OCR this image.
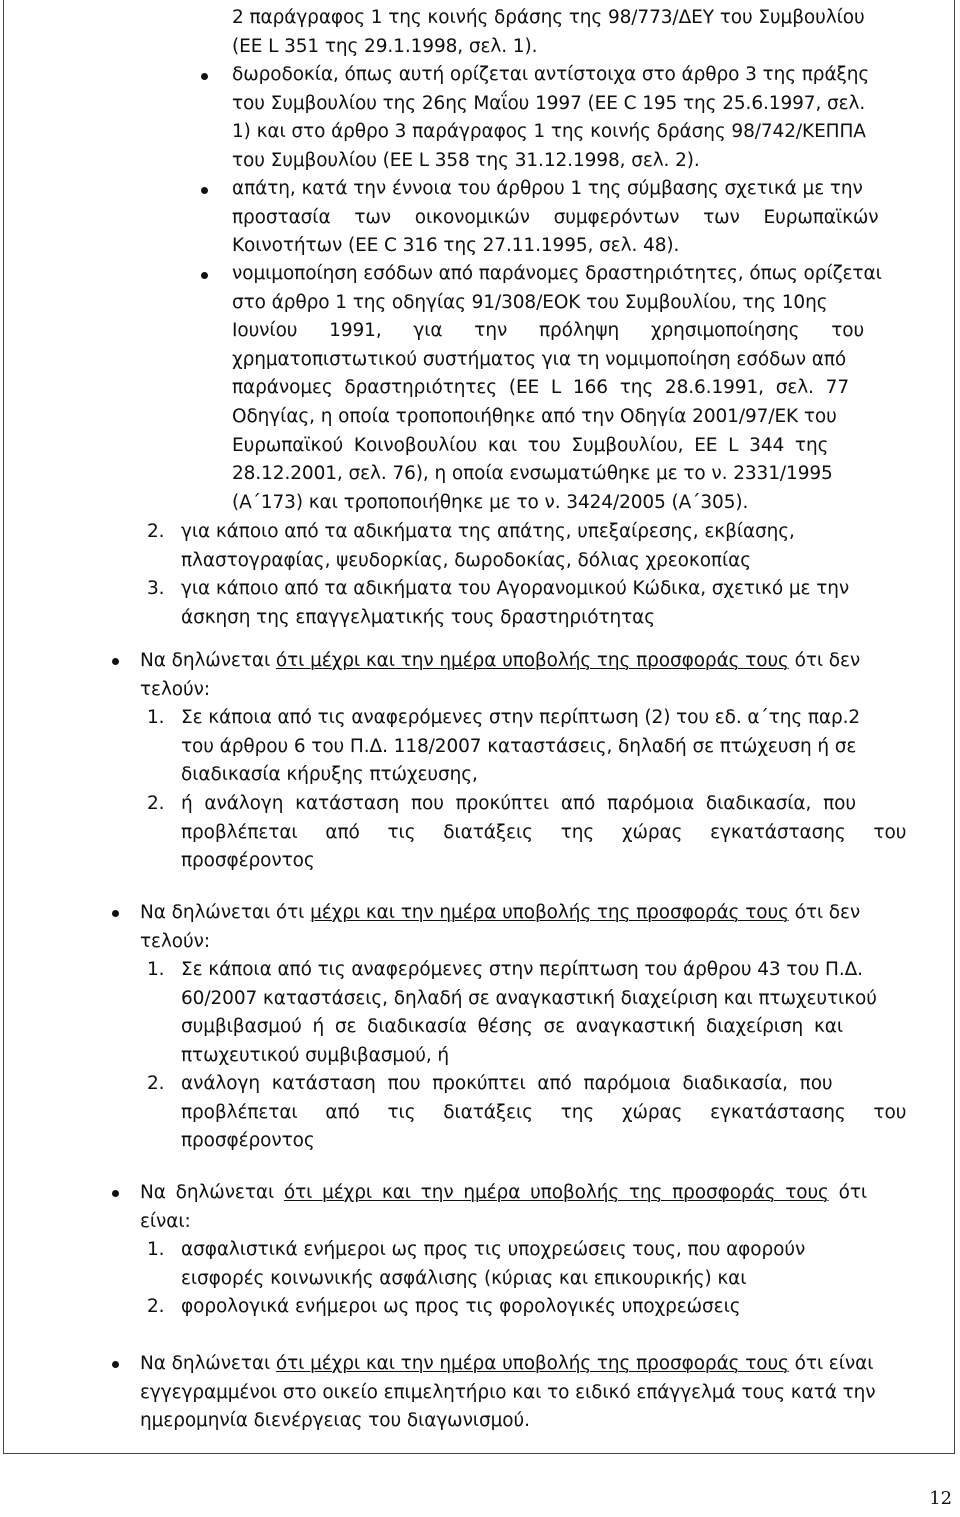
2 παράγραφος 1 της κοινής δράσης της 98/773/ΔΕΥ του Συμβουλίου
(ΕΕ L 351 της 29.1.1998, σελ. 1).
δωροδοκία, όπως αυτή ορίζεται αντίστοιχα στο άρθρο 3 της πράξης
του Συμβουλίου της 26ης Μαΐου 1997 (ΕΕ C 195 της 25.6.1997, σελ.
1) και στο άρθρο 3 παράγραφος 1 της κοινής δράσης 98/742/ΚΕΠΠΑ
του Συμβουλίου (ΕΕ L 358 της 31.12.1998, σελ. 2).
απάτη, κατά την έννοια του άρθρου 1 της σύμβασης σχετικά με την
προστασία των οικονομικών συμφερόντων των Ευρωπαϊκών
Κοινοτήτων (ΕΕ C 316 της 27.11.1995, σελ. 48).
νομιμοποίηση εσόδων από παράνομες δραστηριότητες, όπως ορίζεται
στο άρθρο 1 της οδηγίας 91/308/ΕΟΚ του Συμβουλίου, της 10ης
Ιουνίου 1991, για την πρόληψη χρησιμοποίησης του
χρηματοπιστωτικού συστήματος για τη νομιμοποίηση εσόδων από
παράνομες δραστηριότητες (ΕΕ L 166 της 28.6.1991, σελ. 77
Οδηγίας, η οποία τροποποιήθηκε από την Οδηγία 2001/97/ΕΚ του
Ευρωπαϊκού Κοινοβουλίου και του Συμβουλίου, ΕΕ L 344 της
28.12.2001, σελ. 76), η οποία ενσωματώθηκε με το ν. 2331/1995
(Α΄173) και τροποποιήθηκε με το ν. 3424/2005 (Α΄305).
2. για κάποιο από τα αδικήματα της απάτης, υπεξαίρεσης, εκβίασης,
πλαστογραφίας, ψευδορκίας, δωροδοκίας, δόλιας χρεοκοπίας
3. για κάποιο από τα αδικήματα του Αγορανομικού Κώδικα, σχετικό με την
άσκηση της επαγγελματικής τους δραστηριότητας
Να δηλώνεται ότι μέχρι και την ημέρα υποβολής της προσφοράς τους ότι δεν
τελούν:
1. Σε κάποια από τις αναφερόμενες στην περίπτωση (2) του εδ. α΄της παρ.2
του άρθρου 6 του Π.Δ. 118/2007 καταστάσεις, δηλαδή σε πτώχευση ή σε
διαδικασία κήρυξης πτώχευσης,
2. ή ανάλογη κατάσταση που προκύπτει από παρόμοια διαδικασία, που
προβλέπεται από τις διατάξεις της χώρας εγκατάστασης του
προσφέροντος
Να δηλώνεται ότι μέχρι και την ημέρα υποβολής της προσφοράς τους ότι δεν
τελούν:
1. Σε κάποια από τις αναφερόμενες στην περίπτωση του άρθρου 43 του Π.Δ.
60/2007 καταστάσεις, δηλαδή σε αναγκαστική διαχείριση και πτωχευτικού
συμβιβασμού ή σε διαδικασία θέσης σε αναγκαστική διαχείριση και
πτωχευτικού συμβιβασμού, ή
2. ανάλογη κατάσταση που προκύπτει από παρόμοια διαδικασία, που
προβλέπεται από τις διατάξεις της χώρας εγκατάστασης του
προσφέροντος
Να δηλώνεται ότι μέχρι και την ημέρα υποβολής της προσφοράς τους ότι
είναι:
1. ασφαλιστικά ενήμεροι ως προς τις υποχρεώσεις τους, που αφορούν
εισφορές κοινωνικής ασφάλισης (κύριας και επικουρικής) και
2. φορολογικά ενήμεροι ως προς τις φορολογικές υποχρεώσεις
Να δηλώνεται ότι μέχρι και την ημέρα υποβολής της προσφοράς τους ότι είναι
εγγεγραμμένοι στο οικείο επιμελητήριο και το ειδικό επάγγελμά τους κατά την
ημερομηνία διενέργειας του διαγωνισμού.
12
